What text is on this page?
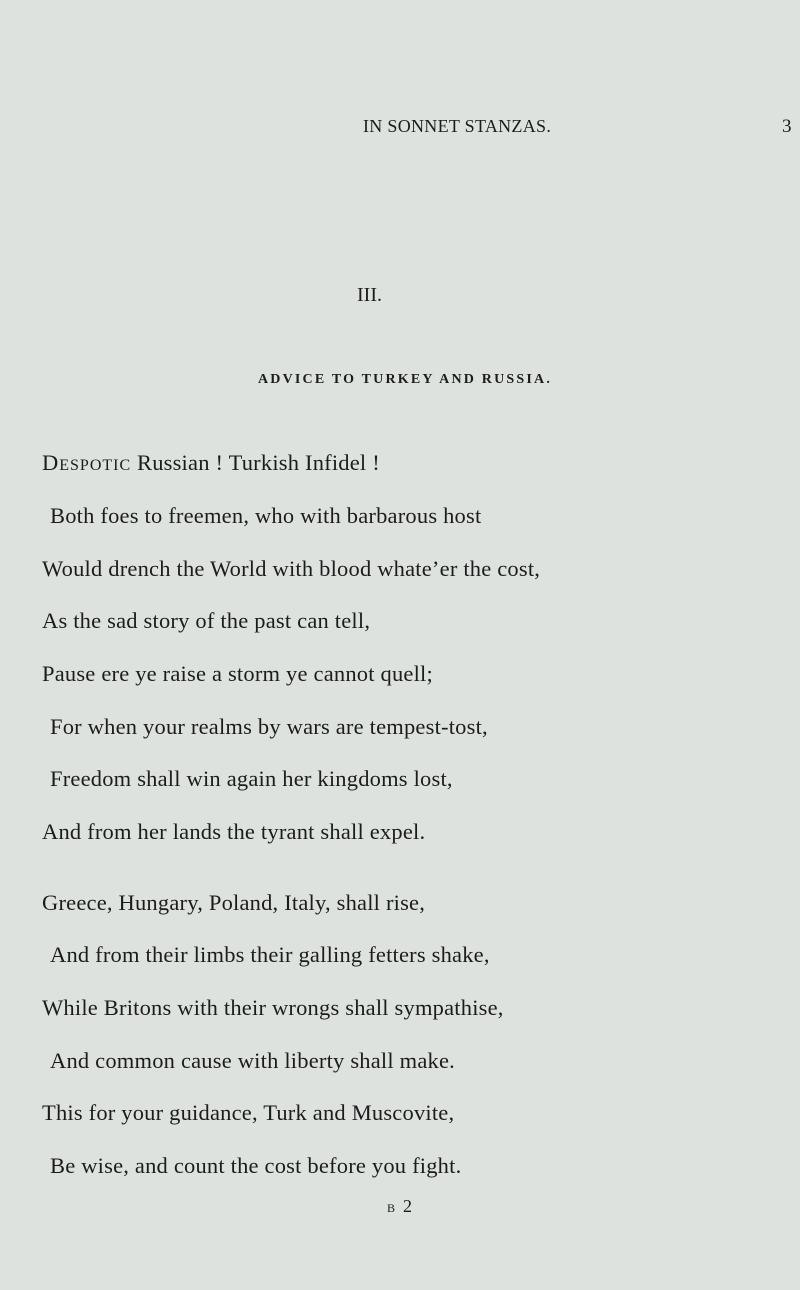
IN SONNET STANZAS.	3
III.
ADVICE TO TURKEY AND RUSSIA.
Despotic Russian ! Turkish Infidel !
Both foes to freemen, who with barbarous host
Would drench the World with blood whate’er the cost,
As the sad story of the past can tell,
Pause ere ye raise a storm ye cannot quell;
For when your realms by wars are tempest-tost,
Freedom shall win again her kingdoms lost,
And from her lands the tyrant shall expel.
Greece, Hungary, Poland, Italy, shall rise,
And from their limbs their galling fetters shake,
While Britons with their wrongs shall sympathise,
And common cause with liberty shall make.
This for your guidance, Turk and Muscovite,
Be wise, and count the cost before you fight.
B 2
